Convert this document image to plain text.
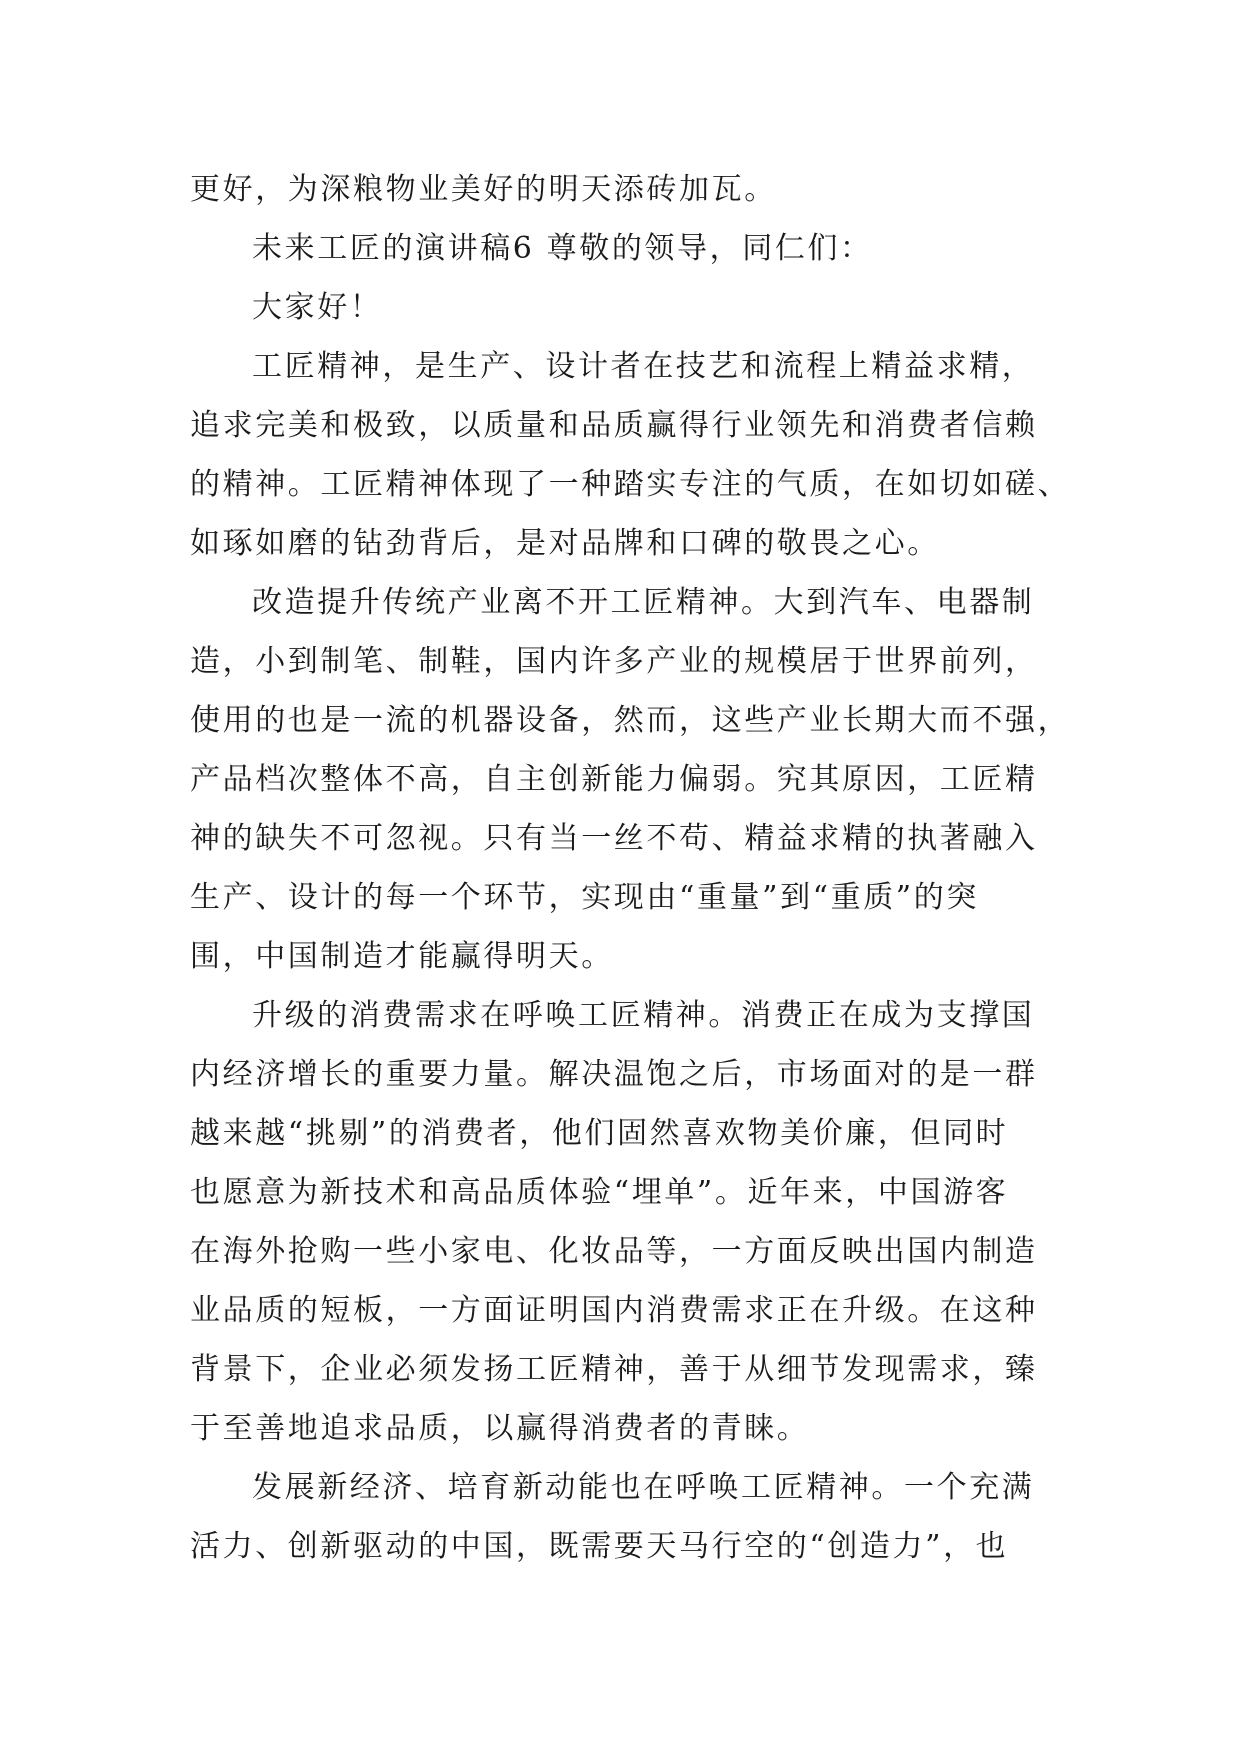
更好，为深粮物业美好的明天添砖加瓦。
未来工匠的演讲稿6 尊敬的领导，同仁们：
大家好！
工匠精神，是生产、设计者在技艺和流程上精益求精，
追求完美和极致，以质量和品质赢得行业领先和消费者信赖
的精神。工匠精神体现了一种踏实专注的气质，在如切如磋、
如琢如磨的钻劲背后，是对品牌和口碑的敬畏之心。
改造提升传统产业离不开工匠精神。大到汽车、电器制
造，小到制笔、制鞋，国内许多产业的规模居于世界前列，
使用的也是一流的机器设备，然而，这些产业长期大而不强，
产品档次整体不高，自主创新能力偏弱。究其原因，工匠精
神的缺失不可忽视。只有当一丝不苟、精益求精的执著融入
生产、设计的每一个环节，实现由“重量”到“重质”的突
围，中国制造才能赢得明天。
升级的消费需求在呼唤工匠精神。消费正在成为支撑国
内经济增长的重要力量。解决温饱之后，市场面对的是一群
越来越“挑剔”的消费者，他们固然喜欢物美价廉，但同时
也愿意为新技术和高品质体验“埋单”。近年来，中国游客
在海外抢购一些小家电、化妆品等，一方面反映出国内制造
业品质的短板，一方面证明国内消费需求正在升级。在这种
背景下，企业必须发扬工匠精神，善于从细节发现需求，臻
于至善地追求品质，以赢得消费者的青睐。
发展新经济、培育新动能也在呼唤工匠精神。一个充满
活力、创新驱动的中国，既需要天马行空的“创造力”，也
